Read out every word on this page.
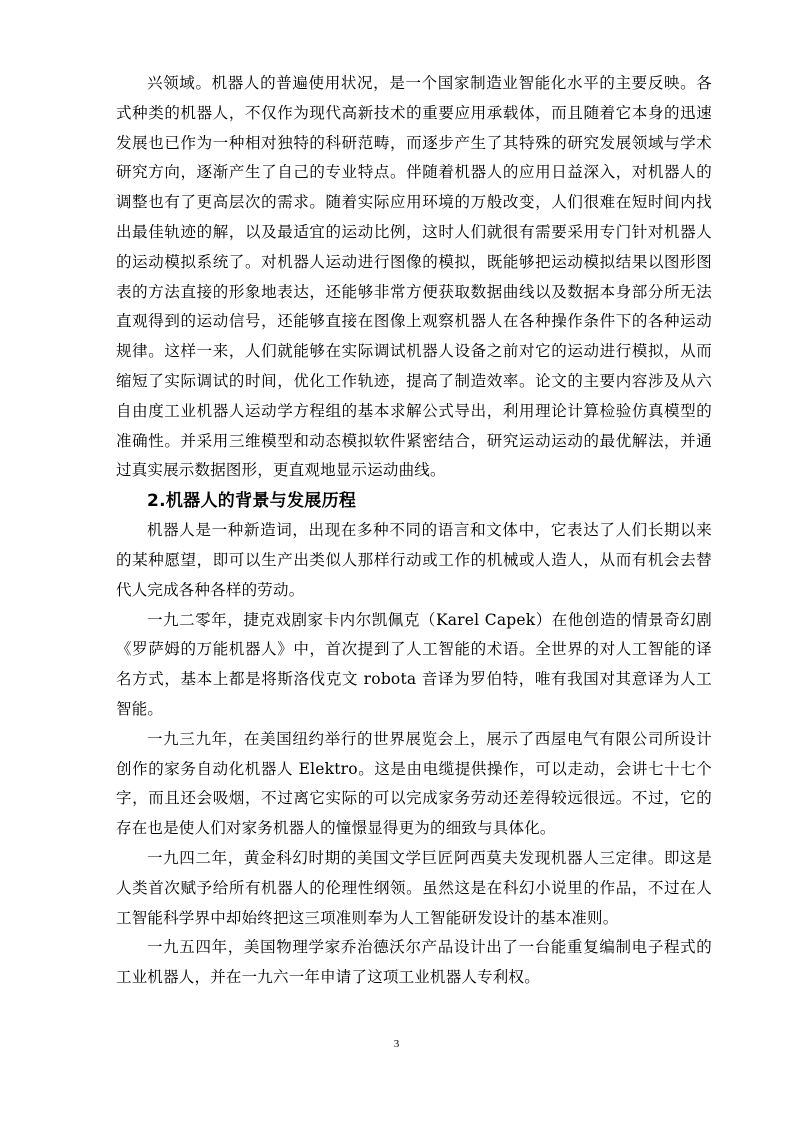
兴领域。机器人的普遍使用状况，是一个国家制造业智能化水平的主要反映。各式种类的机器人，不仅作为现代高新技术的重要应用承载体，而且随着它本身的迅速发展也已作为一种相对独特的科研范畴，而逐步产生了其特殊的研究发展领域与学术研究方向，逐渐产生了自己的专业特点。伴随着机器人的应用日益深入，对机器人的调整也有了更高层次的需求。随着实际应用环境的万般改变，人们很难在短时间内找出最佳轨迹的解，以及最适宜的运动比例，这时人们就很有需要采用专门针对机器人的运动模拟系统了。对机器人运动进行图像的模拟，既能够把运动模拟结果以图形图表的方法直接的形象地表达，还能够非常方便获取数据曲线以及数据本身部分所无法直观得到的运动信号，还能够直接在图像上观察机器人在各种操作条件下的各种运动规律。这样一来，人们就能够在实际调试机器人设备之前对它的运动进行模拟，从而缩短了实际调试的时间，优化工作轨迹，提高了制造效率。论文的主要内容涉及从六自由度工业机器人运动学方程组的基本求解公式导出，利用理论计算检验仿真模型的准确性。并采用三维模型和动态模拟软件紧密结合，研究运动运动的最优解法，并通过真实展示数据图形，更直观地显示运动曲线。

2.机器人的背景与发展历程

机器人是一种新造词，出现在多种不同的语言和文体中，它表达了人们长期以来的某种愿望，即可以生产出类似人那样行动或工作的机械或人造人，从而有机会去替代人完成各种各样的劳动。

一九二零年，捷克戏剧家卡内尔凯佩克（Karel Capek）在他创造的情景奇幻剧《罗萨姆的万能机器人》中，首次提到了人工智能的术语。全世界的对人工智能的译名方式，基本上都是将斯洛伐克文 robota 音译为罗伯特，唯有我国对其意译为人工智能。

一九三九年，在美国纽约举行的世界展览会上，展示了西屋电气有限公司所设计创作的家务自动化机器人 Elektro。这是由电缆提供操作，可以走动，会讲七十七个字，而且还会吸烟，不过离它实际的可以完成家务劳动还差得较远很远。不过，它的存在也是使人们对家务机器人的憧憬显得更为的细致与具体化。

一九四二年，黄金科幻时期的美国文学巨匠阿西莫夫发现机器人三定律。即这是人类首次赋予给所有机器人的伦理性纲领。虽然这是在科幻小说里的作品，不过在人工智能科学界中却始终把这三项准则奉为人工智能研发设计的基本准则。

一九五四年，美国物理学家乔治德沃尔产品设计出了一台能重复编制电子程式的工业机器人，并在一九六一年申请了这项工业机器人专利权。

3
